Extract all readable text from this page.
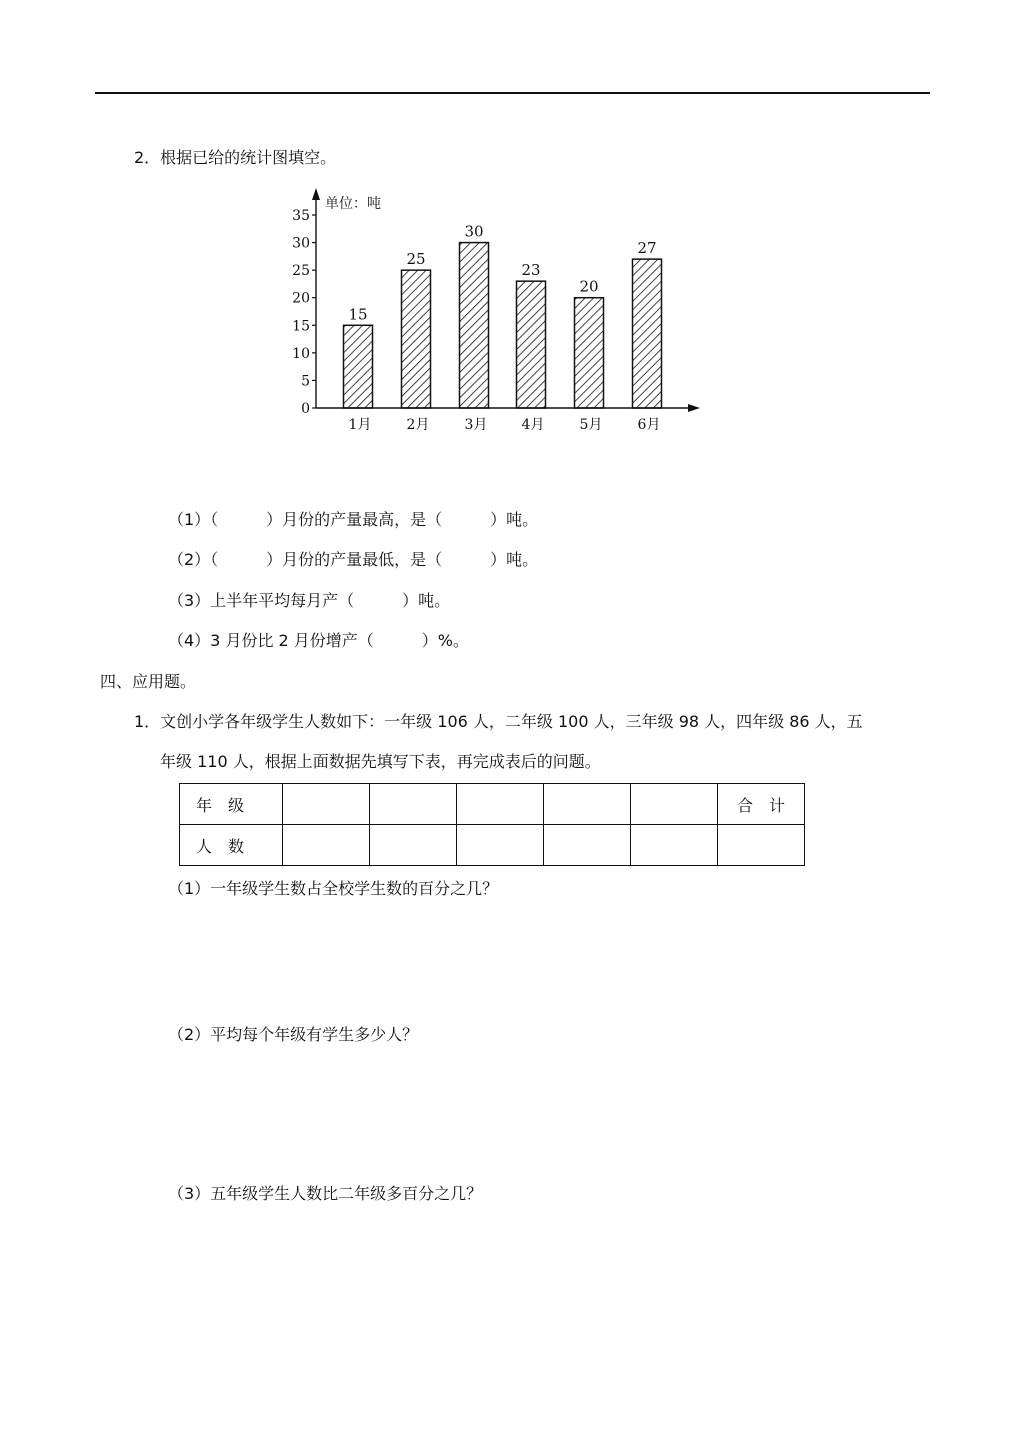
2．根据已给的统计图填空。
单位：吨
0
5
10
15
20
25
30
35
15
1月
25
2月
30
3月
23
4月
20
5月
27
6月
（1）（　　　）月份的产量最高，是（　　　）吨。
（2）（　　　）月份的产量最低，是（　　　）吨。
（3）上半年平均每月产（　　　）吨。
（4）3 月份比 2 月份增产（　　　）%。
四、应用题。
1．文创小学各年级学生人数如下：一年级 106 人，二年级 100 人，三年级 98 人，四年级 86 人，五
年级 110 人，根据上面数据先填写下表，再完成表后的问题。
年　级						合　计
人　数						
（1）一年级学生数占全校学生数的百分之几？
（2）平均每个年级有学生多少人？
（3）五年级学生人数比二年级多百分之几？
